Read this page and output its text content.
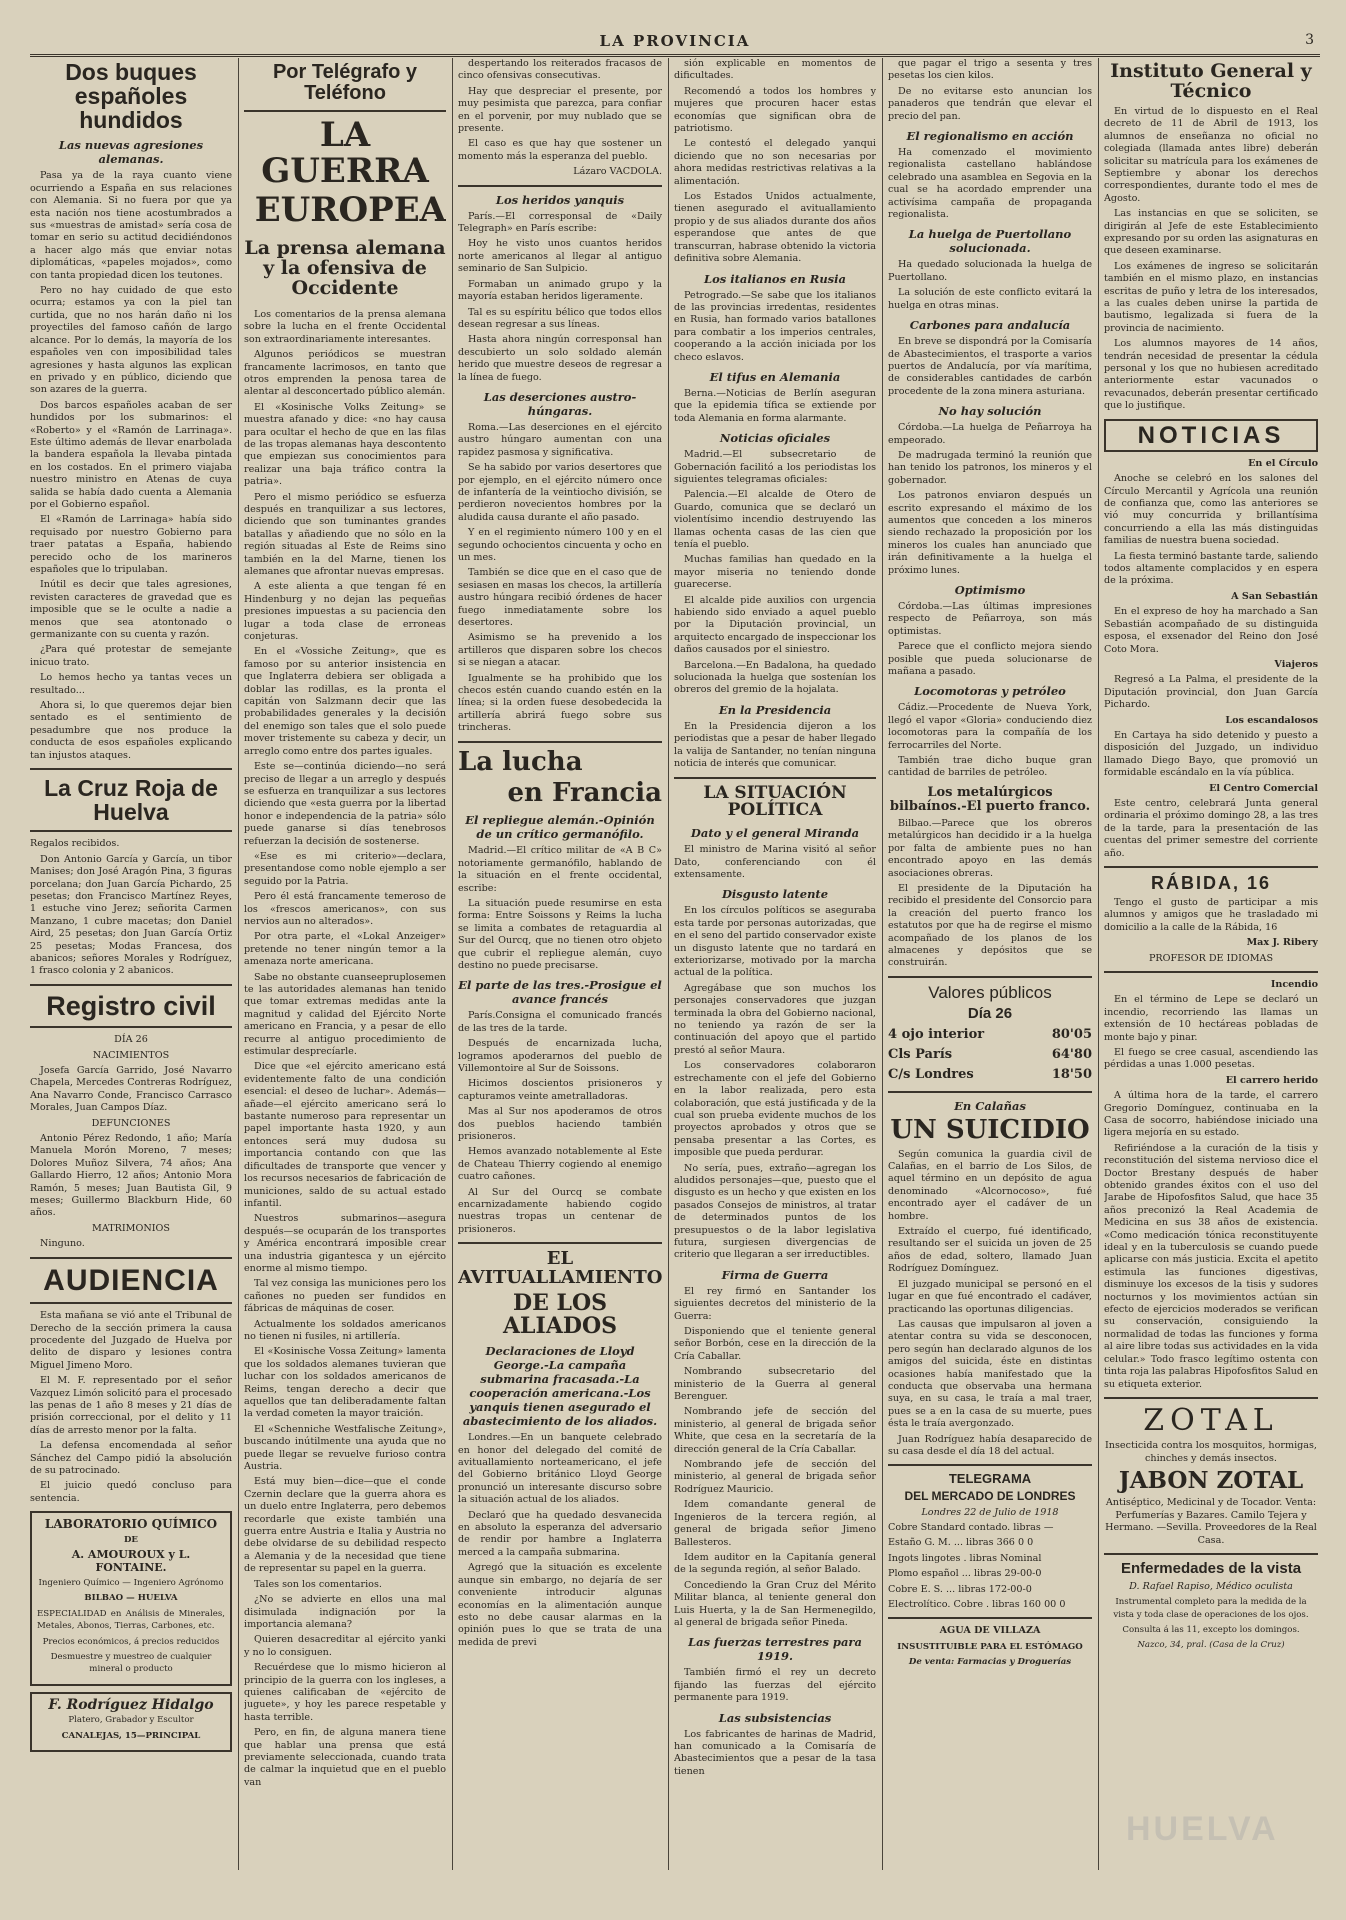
LA PROVINCIA	3
Dos buques españoles hundidos
Las nuevas agresiones alemanas.

Pasa ya de la raya cuanto viene ocurriendo a España en sus relaciones con Alemania. Si no fuera por que ya esta nación nos tiene acostumbrados a sus «muestras de amistad» sería cosa de tomar en serio su actitud decidiéndonos a hacer algo más que enviar notas diplomáticas, «papeles mojados», como con tanta propiedad dicen los teutones.

Pero no hay cuidado de que esto ocurra; estamos ya con la piel tan curtida, que no nos harán daño ni los proyectiles del famoso cañón de largo alcance. Por lo demás, la mayoría de los españoles ven con imposibilidad tales agresiones y hasta algunos las explican en privado y en público, diciendo que son azares de la guerra.

Dos barcos españoles acaban de ser hundidos por los submarinos: el «Roberto» y el «Ramón de Larrinaga». Este último además de llevar enarbolada la bandera española la llevaba pintada en los costados. En el primero viajaba nuestro ministro en Atenas de cuya salida se había dado cuenta a Alemania por el Gobierno español.

El «Ramón de Larrinaga» había sido requisado por nuestro Gobierno para traer patatas a España, habiendo perecido ocho de los marineros españoles que lo tripulaban.

Inútil es decir que tales agresiones, revisten caracteres de gravedad que es imposible que se le oculte a nadie a menos que sea atontonado o germanizante con su cuenta y razón.

¿Para qué protestar de semejante inicuo trato.

Lo hemos hecho ya tantas veces un resultado...

Ahora si, lo que queremos dejar bien sentado es el sentimiento de pesadumbre que nos produce la conducta de esos españoles explicando tan injustos ataques.

La Cruz Roja de Huelva

Regalos recibidos.

Don Antonio García y García, un tibor Manises; don José Aragón Pina, 3 figuras porcelana; don Juan García Pichardo, 25 pesetas; don Francisco Martínez Reyes, 1 estuche vino Jerez; señorita Carmen Manzano, 1 cubre macetas; don Daniel Aird, 25 pesetas; don Juan García Ortiz 25 pesetas; Modas Francesa, dos abanicos; señores Morales y Rodríguez, 1 frasco colonia y 2 abanicos.

Registro civil

DÍA 26

NACIMIENTOS

Josefa García Garrido, José Navarro Chapela, Mercedes Contreras Rodríguez, Ana Navarro Conde, Francisco Carrasco Morales, Juan Campos Díaz.

DEFUNCIONES

Antonio Pérez Redondo, 1 año; María Manuela Morón Moreno, 7 meses; Dolores Muñoz Silvera, 74 años; Ana Gallardo Hierro, 12 años; Antonio Mora Ramón, 5 meses; Juan Bautista Gil, 9 meses; Guillermo Blackburn Hide, 60 años.

MATRIMONIOS

Ninguno.

AUDIENCIA

Esta mañana se vió ante el Tribunal de Derecho de la sección primera la causa procedente del Juzgado de Huelva por delito de disparo y lesiones contra Miguel Jimeno Moro.

El M. F. representado por el señor Vazquez Limón solicitó para el procesado las penas de 1 año 8 meses y 21 días de prisión correccional, por el delito y 11 días de arresto menor por la falta.

La defensa encomendada al señor Sánchez del Campo pidió la absolución de su patrocinado.

El juicio quedó concluso para sentencia.

LABORATORIO QUÍMICO

DE

A. AMOUROUX y L. FONTAINE.

Ingeniero Químico — Ingeniero Agrónomo

BILBAO — HUELVA

ESPECIALIDAD en Análisis de Minerales, Metales, Abonos, Tierras, Carbones, etc.

Precios económicos, á precios reducidos

Desmuestre y muestreo de cualquier mineral o producto

F. Rodríguez Hidalgo

Platero, Grabador y Escultor

CANALEJAS, 15—PRINCIPAL

Por Telégrafo y Teléfono
LA GUERRA
EUROPEA
La prensa alemana y la ofensiva de Occidente

Los comentarios de la prensa alemana sobre la lucha en el frente Occidental son extraordinariamente interesantes.

Algunos periódicos se muestran francamente lacrimosos, en tanto que otros emprenden la penosa tarea de alentar al desconcertado público alemán.

El «Kosinische Volks Zeitung» se muestra afanado y dice: «no hay causa para ocultar el hecho de que en las filas de las tropas alemanas haya descontento que empiezan sus conocimientos para realizar una baja tráfico contra la patria».

Pero el mismo periódico se esfuerza después en tranquilizar a sus lectores, diciendo que son tuminantes grandes batallas y añadiendo que no sólo en la región situadas al Este de Reims sino también en la del Marne, tienen los alemanes que afrontar nuevas empresas.

A este alienta a que tengan fé en Hindenburg y no dejan las pequeñas presiones impuestas a su paciencia den lugar a toda clase de erroneas conjeturas.

En el «Vossiche Zeitung», que es famoso por su anterior insistencia en que Inglaterra debiera ser obligada a doblar las rodillas, es la pronta el capitán von Salzmann decir que las probabilidades generales y la decisión del enemigo son tales que el solo puede mover tristemente su cabeza y decir, un arreglo como entre dos partes iguales.

Este se—continúa diciendo—no será preciso de llegar a un arreglo y después se esfuerza en tranquilizar a sus lectores diciendo que «esta guerra por la libertad honor e independencia de la patria» sólo puede ganarse si días tenebrosos refuerzan la decisión de sostenerse.

«Ese es mi criterio»—declara, presentandose como noble ejemplo a ser seguido por la Patria.

Pero él está francamente temeroso de los «frescos americanos», con sus nervios aun no alterados».

Por otra parte, el «Lokal Anzeiger» pretende no tener ningún temor a la amenaza norte americana.

Sabe no obstante cuanseepruplosemen te las autoridades alemanas han tenido que tomar extremas medidas ante la magnitud y calidad del Ejército Norte americano en Francia, y a pesar de ello recurre al antiguo procedimiento de estimular desprecíarle.

Dice que «el ejército americano está evidentemente falto de una condición esencial: el deseo de luchar». Además—añade—el ejército americano será lo bastante numeroso para representar un papel importante hasta 1920, y aun entonces será muy dudosa su importancia contando con que las dificultades de transporte que vencer y los recursos necesarios de fabricación de municiones, saldo de su actual estado infantil.

Nuestros submarinos—asegura después—se ocuparán de los transportes y América encontrará imposible crear una industria gigantesca y un ejército enorme al mismo tiempo.

Tal vez consiga las municiones pero los cañones no pueden ser fundidos en fábricas de máquinas de coser.

Actualmente los soldados americanos no tienen ni fusiles, ni artillería.

El «Kosinische Vossa Zeitung» lamenta que los soldados alemanes tuvieran que luchar con los soldados americanos de Reims, tengan derecho a decir que aquellos que tan deliberadamente faltan la verdad cometen la mayor traición.

El «Schenniche Westfalische Zeitung», buscando inútilmente una ayuda que no puede llegar se revuelve furioso contra Austria.

Está muy bien—dice—que el conde Czernin declare que la guerra ahora es un duelo entre Inglaterra, pero debemos recordarle que existe también una guerra entre Austria e Italia y Austria no debe olvidarse de su debilidad respecto a Alemania y de la necesidad que tiene de representar su papel en la guerra.

Tales son los comentarios.

¿No se advierte en ellos una mal disimulada indignación por la importancia alemana?

Quieren desacreditar al ejército yanki y no lo consiguen.

Recuérdese que lo mismo hicieron al principio de la guerra con los ingleses, a quienes calificaban de «ejército de juguete», y hoy les parece respetable y hasta terrible.

Pero, en fin, de alguna manera tiene que hablar una prensa que está previamente seleccionada, cuando trata de calmar la inquietud que en el pueblo van

despertando los reiterados fracasos de cinco ofensivas consecutivas.

Hay que despreciar el presente, por muy pesimista que parezca, para confiar en el porvenir, por muy nublado que se presente.

El caso es que hay que sostener un momento más la esperanza del pueblo.

Lázaro VACDOLA.

Los heridos yanquis

París.—El corresponsal de «Daily Telegraph» en París escribe:

Hoy he visto unos cuantos heridos norte americanos al llegar al antiguo seminario de San Sulpicio.

Formaban un animado grupo y la mayoría estaban heridos ligeramente.

Tal es su espíritu bélico que todos ellos desean regresar a sus líneas.

Hasta ahora ningún corresponsal han descubierto un solo soldado alemán herido que muestre deseos de regresar a la línea de fuego.

Las deserciones austro-húngaras.

Roma.—Las deserciones en el ejército austro húngaro aumentan con una rapidez pasmosa y significativa.

Se ha sabido por varios desertores que por ejemplo, en el ejército número once de infantería de la veintiocho división, se perdieron novecientos hombres por la aludida causa durante el año pasado.

Y en el regimiento número 100 y en el segundo ochocientos cincuenta y ocho en un mes.

También se dice que en el caso que de sesiasen en masas los checos, la artillería austro húngara recibió órdenes de hacer fuego inmediatamente sobre los desertores.

Asimismo se ha prevenido a los artilleros que disparen sobre los checos si se niegan a atacar.

Igualmente se ha prohibido que los checos estén cuando cuando estén en la línea; si la orden fuese desobedecida la artillería abrirá fuego sobre sus trincheras.

La lucha
en Francia
El repliegue alemán.-Opinión de un crítico germanófilo.

Madrid.—El crítico militar de «A B C» notoriamente germanófilo, hablando de la situación en el frente occidental, escribe:

La situación puede resumirse en esta forma: Entre Soissons y Reims la lucha se limita a combates de retaguardia al Sur del Ourcq, que no tienen otro objeto que cubrir el repliegue alemán, cuyo destino no puede precisarse.

El parte de las tres.-Prosigue el avance francés

París.Consigna el comunicado francés de las tres de la tarde.

Después de encarnizada lucha, logramos apoderarnos del pueblo de Villemontoire al Sur de Soissons.

Hicimos doscientos prisioneros y capturamos veinte ametralladoras.

Mas al Sur nos apoderamos de otros dos pueblos haciendo también prisioneros.

Hemos avanzado notablemente al Este de Chateau Thierry cogiendo al enemigo cuatro cañones.

Al Sur del Ourcq se combate encarnizadamente habiendo cogido nuestras tropas un centenar de prisioneros.

EL AVITUALLAMIENTO
DE LOS ALIADOS
Declaraciones de Lloyd George.-La campaña submarina fracasada.-La cooperación americana.-Los yanquis tienen asegurado el abastecimiento de los aliados.

Londres.—En un banquete celebrado en honor del delegado del comité de avituallamiento norteamericano, el jefe del Gobierno británico Lloyd George pronunció un interesante discurso sobre la situación actual de los aliados.

Declaró que ha quedado desvanecida en absoluto la esperanza del adversario de rendir por hambre a Inglaterra merced a la campaña submarina.

Agregó que la situación es excelente aunque sin embargo, no dejaría de ser conveniente introducir algunas economías en la alimentación aunque esto no debe causar alarmas en la opinión pues lo que se trata de una medida de previ

sión explicable en momentos de dificultades.

Recomendó a todos los hombres y mujeres que procuren hacer estas economías que significan obra de patriotismo.

Le contestó el delegado yanqui diciendo que no son necesarias por ahora medidas restrictivas relativas a la alimentación.

Los Estados Unidos actualmente, tienen asegurado el avituallamiento propio y de sus aliados durante dos años esperandose que antes de que transcurran, habrase obtenido la victoria definitiva sobre Alemania.

Los italianos en Rusia

Petrogrado.—Se sabe que los italianos de las provincias irredentas, residentes en Rusia, han formado varios batallones para combatir a los imperios centrales, cooperando a la acción iniciada por los checo eslavos.

El tifus en Alemania

Berna.—Noticias de Berlín aseguran que la epidemia tífica se extiende por toda Alemania en forma alarmante.

Noticias oficiales

Madrid.—El subsecretario de Gobernación facilitó a los periodistas los siguientes telegramas oficiales:

Palencia.—El alcalde de Otero de Guardo, comunica que se declaró un violentísimo incendio destruyendo las llamas ochenta casas de las cien que tenía el pueblo.

Muchas familias han quedado en la mayor miseria no teniendo donde guarecerse.

El alcalde pide auxilios con urgencia habiendo sido enviado a aquel pueblo por la Diputación provincial, un arquitecto encargado de inspeccionar los daños causados por el siniestro.

Barcelona.—En Badalona, ha quedado solucionada la huelga que sostenían los obreros del gremio de la hojalata.

En la Presidencia

En la Presidencia dijeron a los periodistas que a pesar de haber llegado la valija de Santander, no tenían ninguna noticia de interés que comunicar.

LA SITUACIÓN POLÍTICA
Dato y el general Miranda

El ministro de Marina visitó al señor Dato, conferenciando con él extensamente.

Disgusto latente

En los círculos políticos se aseguraba esta tarde por personas autorizadas, que en el seno del partido conservador existe un disgusto latente que no tardará en exteriorizarse, motivado por la marcha actual de la política.

Agregábase que son muchos los personajes conservadores que juzgan terminada la obra del Gobierno nacional, no teniendo ya razón de ser la continuación del apoyo que el partido prestó al señor Maura.

Los conservadores colaboraron estrechamente con el jefe del Gobierno en la labor realizada, pero esta colaboración, que está justificada y de la cual son prueba evidente muchos de los proyectos aprobados y otros que se pensaba presentar a las Cortes, es imposible que pueda perdurar.

No sería, pues, extraño—agregan los aludidos personajes—que, puesto que el disgusto es un hecho y que existen en los pasados Consejos de ministros, al tratar de determinados puntos de los presupuestos o de la labor legislativa futura, surgiesen divergencias de criterio que llegaran a ser irreductibles.

Firma de Guerra

El rey firmó en Santander los siguientes decretos del ministerio de la Guerra:

Disponiendo que el teniente general señor Borbón, cese en la dirección de la Cría Caballar.

Nombrando subsecretario del ministerio de la Guerra al general Berenguer.

Nombrando jefe de sección del ministerio, al general de brigada señor White, que cesa en la secretaría de la dirección general de la Cría Caballar.

Nombrando jefe de sección del ministerio, al general de brigada señor Rodríguez Mauricio.

Idem comandante general de Ingenieros de la tercera región, al general de brigada señor Jimeno Ballesteros.

Idem auditor en la Capitanía general de la segunda región, al señor Balado.

Concediendo la Gran Cruz del Mérito Militar blanca, al teniente general don Luis Huerta, y la de San Hermenegildo, al general de brigada señor Pineda.

Las fuerzas terrestres para 1919.

También firmó el rey un decreto fijando las fuerzas del ejército permanente para 1919.

Las subsistencias

Los fabricantes de harinas de Madrid, han comunicado a la Comisaría de Abastecimientos que a pesar de la tasa tienen

que pagar el trigo a sesenta y tres pesetas los cien kilos.

De no evitarse esto anuncian los panaderos que tendrán que elevar el precio del pan.

El regionalismo en acción

Ha comenzado el movimiento regionalista castellano hablándose celebrado una asamblea en Segovia en la cual se ha acordado emprender una activísima campaña de propaganda regionalista.

La huelga de Puertollano solucionada.

Ha quedado solucionada la huelga de Puertollano.

La solución de este conflicto evitará la huelga en otras minas.

Carbones para andalucía

En breve se dispondrá por la Comisaría de Abastecimientos, el trasporte a varios puertos de Andalucía, por vía marítima, de considerables cantidades de carbón procedente de la zona minera asturiana.

No hay solución

Córdoba.—La huelga de Peñarroya ha empeorado.

De madrugada terminó la reunión que han tenido los patronos, los mineros y el gobernador.

Los patronos enviaron después un escrito expresando el máximo de los aumentos que conceden a los mineros siendo rechazado la proposición por los mineros los cuales han anunciado que irán definitivamente a la huelga el próximo lunes.

Optimismo

Córdoba.—Las últimas impresiones respecto de Peñarroya, son más optimistas.

Parece que el conflicto mejora siendo posible que pueda solucionarse de mañana a pasado.

Locomotoras y petróleo

Cádiz.—Procedente de Nueva York, llegó el vapor «Gloria» conduciendo diez locomotoras para la compañía de los ferrocarriles del Norte.

También trae dicho buque gran cantidad de barriles de petróleo.

Los metalúrgicos bilbaínos.-El puerto franco.

Bilbao.—Parece que los obreros metalúrgicos han decidido ir a la huelga por falta de ambiente pues no han encontrado apoyo en las demás asociaciones obreras.

El presidente de la Diputación ha recibido el presidente del Consorcio para la creación del puerto franco los estatutos por que ha de regirse el mismo acompañado de los planos de los almacenes y depósitos que se construirán.

Valores públicos
Día 26
4 ojo interior	80'05
Cls París	64'80
C/s Londres	18'50
En Calañas
UN SUICIDIO

Según comunica la guardia civil de Calañas, en el barrio de Los Silos, de aquel término en un depósito de agua denominado «Alcornocoso», fué encontrado ayer el cadáver de un hombre.

Extraído el cuerpo, fué identificado, resultando ser el suicida un joven de 25 años de edad, soltero, llamado Juan Rodríguez Domínguez.

El juzgado municipal se personó en el lugar en que fué encontrado el cadáver, practicando las oportunas diligencias.

Las causas que impulsaron al joven a atentar contra su vida se desconocen, pero según han declarado algunos de los amigos del suicida, éste en distintas ocasiones había manifestado que la conducta que observaba una hermana suya, en su casa, le traía a mal traer, pues se a en la casa de su muerte, pues ésta le traía avergonzado.

Juan Rodríguez había desaparecido de su casa desde el día 18 del actual.

TELEGRAMA
DEL MERCADO DE LONDRES

Londres 22 de Julio de 1918

Cobre Standard contado. libras —

Estaño G. M. ... libras 366 0 0

Ingots lingotes . libras Nominal

Plomo español ... libras 29-00-0

Cobre E. S. ... libras 172-00-0

Electrolítico. Cobre . libras 160 00 0

AGUA DE VILLAZA

INSUSTITUIBLE PARA EL ESTÓMAGO

De venta: Farmacias y Droguerías

Instituto General y Técnico

En virtud de lo dispuesto en el Real decreto de 11 de Abril de 1913, los alumnos de enseñanza no oficial no colegiada (llamada antes libre) deberán solicitar su matrícula para los exámenes de Septiembre y abonar los derechos correspondientes, durante todo el mes de Agosto.

Las instancias en que se soliciten, se dirigirán al Jefe de este Establecimiento expresando por su orden las asignaturas en que deseen examinarse.

Los exámenes de ingreso se solicitarán también en el mismo plazo, en instancias escritas de puño y letra de los interesados, a las cuales deben unirse la partida de bautismo, legalizada si fuera de la provincia de nacimiento.

Los alumnos mayores de 14 años, tendrán necesidad de presentar la cédula personal y los que no hubiesen acreditado anteriormente estar vacunados o revacunados, deberán presentar certificado que lo justifique.

NOTICIAS

En el Círculo

Anoche se celebró en los salones del Círculo Mercantil y Agrícola una reunión de confianza que, como las anteriores se vió muy concurrida y brillantísima concurriendo a ella las más distinguidas familias de nuestra buena sociedad.

La fiesta terminó bastante tarde, saliendo todos altamente complacidos y en espera de la próxima.

A San Sebastián

En el expreso de hoy ha marchado a San Sebastián acompañado de su distinguida esposa, el exsenador del Reino don José Coto Mora.

Viajeros

Regresó a La Palma, el presidente de la Diputación provincial, don Juan García Pichardo.

Los escandalosos

En Cartaya ha sido detenido y puesto a disposición del Juzgado, un individuo llamado Diego Bayo, que promovió un formidable escándalo en la vía pública.

El Centro Comercial

Este centro, celebrará Junta general ordinaria el próximo domingo 28, a las tres de la tarde, para la presentación de las cuentas del primer semestre del corriente año.

RÁBIDA, 16

Tengo el gusto de participar a mis alumnos y amigos que he trasladado mi domicilio a la calle de la Rábida, 16

Max J. Ribery

PROFESOR DE IDIOMAS

Incendio

En el término de Lepe se declaró un incendio, recorriendo las llamas un extensión de 10 hectáreas pobladas de monte bajo y pinar.

El fuego se cree casual, ascendiendo las pérdidas a unas 1.000 pesetas.

El carrero herido

A última hora de la tarde, el carrero Gregorio Domínguez, continuaba en la Casa de socorro, habiéndose iniciado una ligera mejoría en su estado.

Refiriéndose a la curación de la tisis y reconstitución del sistema nervioso dice el Doctor Brestany después de haber obtenido grandes éxitos con el uso del Jarabe de Hipofosfitos Salud, que hace 35 años preconizó la Real Academia de Medicina en sus 38 años de existencia. «Como medicación tónica reconstituyente ideal y en la tuberculosis se cuando puede aplicarse con más justicia. Excita el apetito estimula las funciones digestivas, disminuye los excesos de la tisis y sudores nocturnos y los movimientos actúan sin efecto de ejercicios moderados se verifican su conservación, consiguiendo la normalidad de todas las funciones y forma al aire libre todas sus actividades en la vida celular.» Todo frasco legítimo ostenta con tinta roja las palabras Hipofosfitos Salud en su etiqueta exterior.

ZOTAL

Insecticida contra los mosquitos, hormigas, chinches y demás insectos.

JABON ZOTAL

Antiséptico, Medicinal y de Tocador. Venta: Perfumerías y Bazares. Camilo Tejera y Hermano. —Sevilla. Proveedores de la Real Casa.

Enfermedades de la vista

D. Rafael Rapiso, Médico oculista

Instrumental completo para la medida de la vista y toda clase de operaciones de los ojos.

Consulta á las 11, excepto los domingos.

Nazco, 34, pral. (Casa de la Cruz)

HUELVA
